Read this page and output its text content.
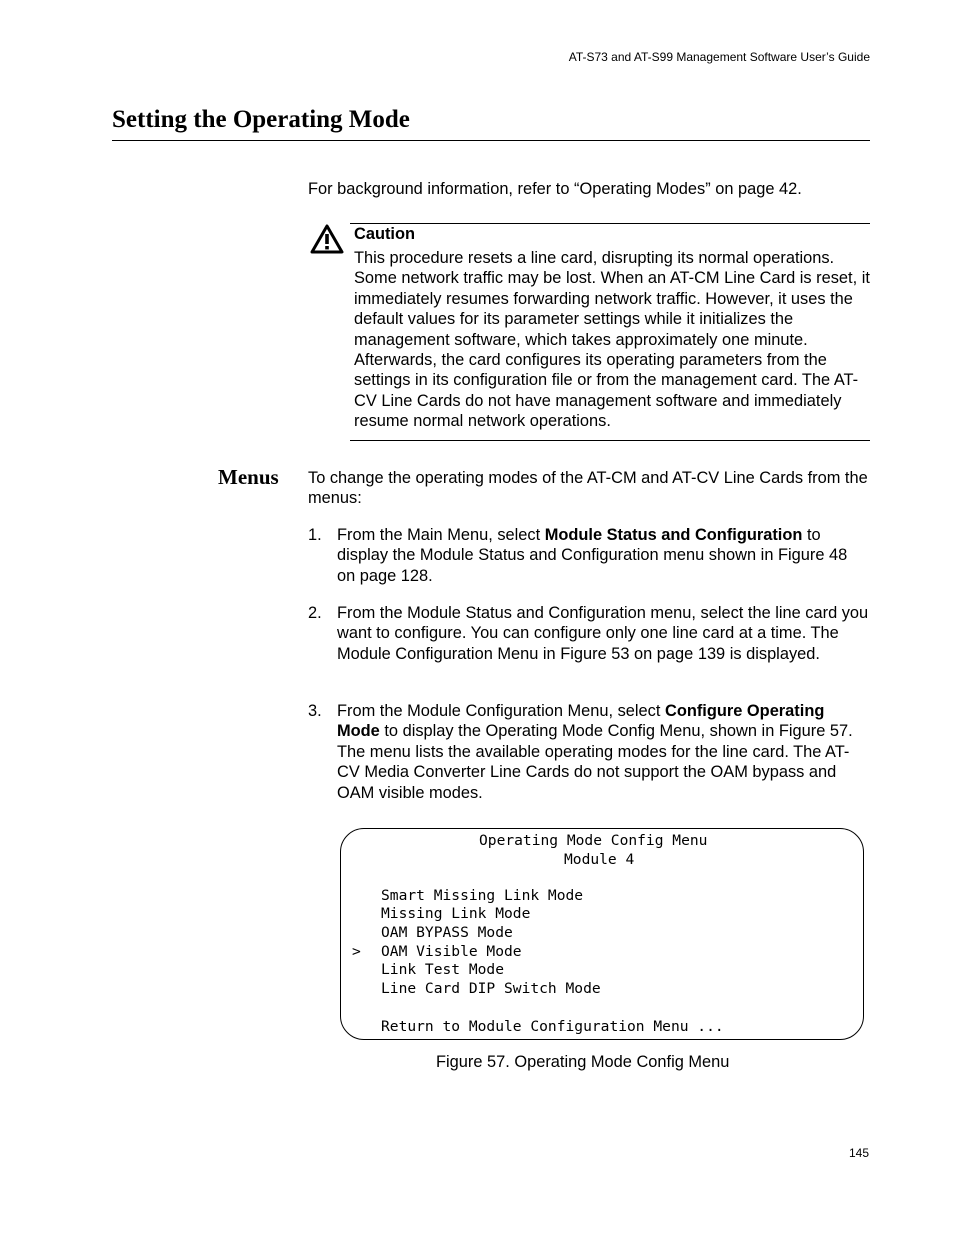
AT-S73 and AT-S99 Management Software User’s Guide
Setting the Operating Mode
For background information, refer to “Operating Modes” on page 42.
Caution
This procedure resets a line card, disrupting its normal operations. Some network traffic may be lost. When an AT-CM Line Card is reset, it immediately resumes forwarding network traffic. However, it uses the default values for its parameter settings while it initializes the management software, which takes approximately one minute. Afterwards, the card configures its operating parameters from the settings in its configuration file or from the management card. The AT-CV Line Cards do not have management software and immediately resume normal network operations.
Menus To change the operating modes of the AT-CM and AT-CV Line Cards from the menus:
1. From the Main Menu, select Module Status and Configuration to display the Module Status and Configuration menu shown in Figure 48 on page 128.
2. From the Module Status and Configuration menu, select the line card you want to configure. You can configure only one line card at a time. The Module Configuration Menu in Figure 53 on page 139 is displayed.
3. From the Module Configuration Menu, select Configure Operating Mode to display the Operating Mode Config Menu, shown in Figure 57. The menu lists the available operating modes for the line card. The AT-CV Media Converter Line Cards do not support the OAM bypass and OAM visible modes.
Operating Mode Config Menu
Module 4
Smart Missing Link Mode
Missing Link Mode
OAM BYPASS Mode
> OAM Visible Mode
Link Test Mode
Line Card DIP Switch Mode
Return to Module Configuration Menu ...
Figure 57. Operating Mode Config Menu
145
